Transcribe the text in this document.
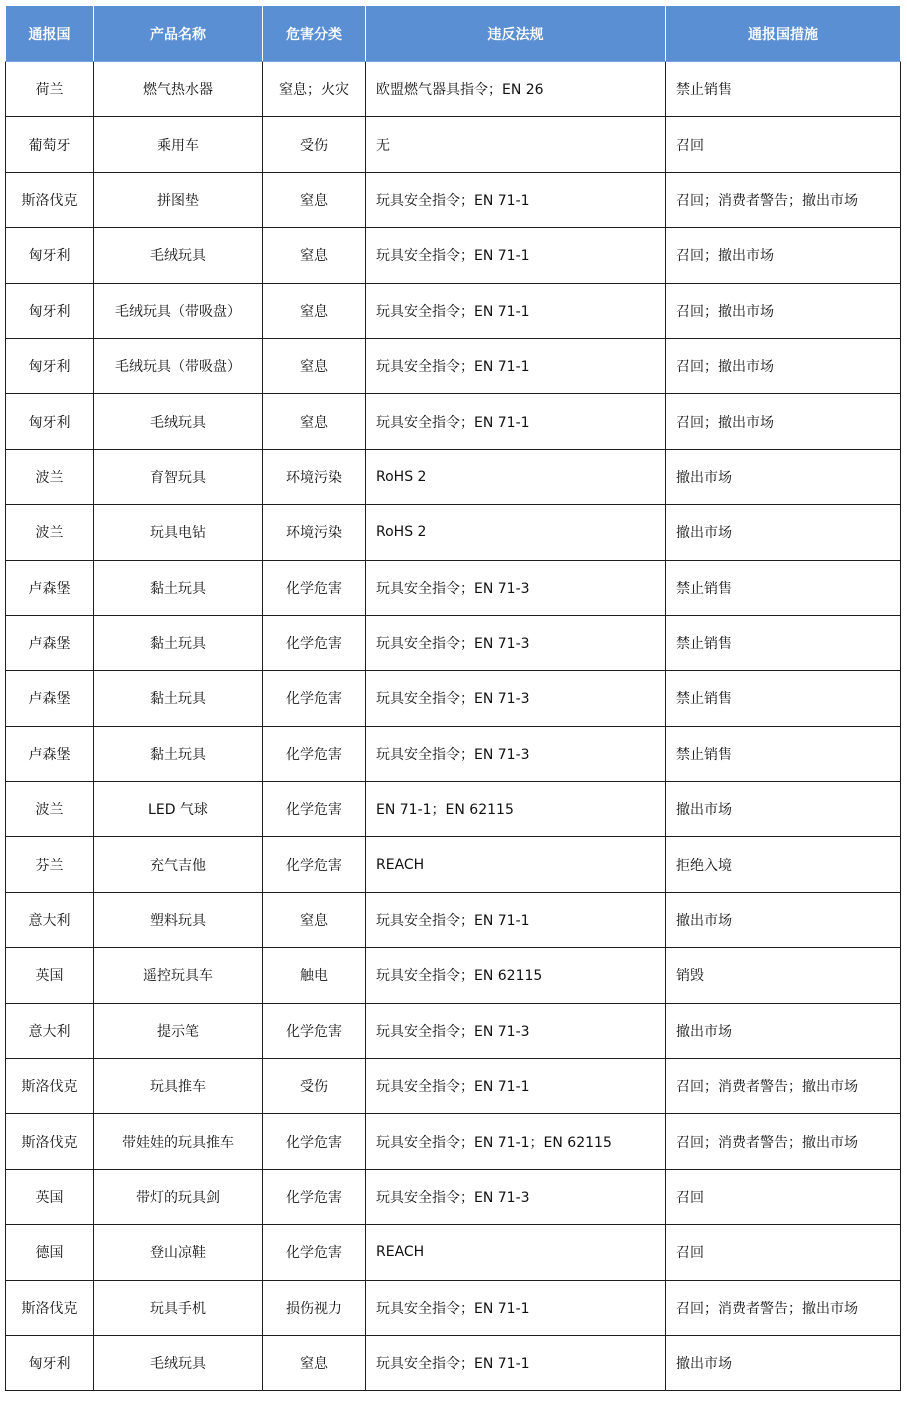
通报国	产品名称	危害分类	违反法规	通报国措施
荷兰	燃气热水器	窒息；火灾	欧盟燃气器具指令；EN 26	禁止销售
葡萄牙	乘用车	受伤	无	召回
斯洛伐克	拼图垫	窒息	玩具安全指令；EN 71-1	召回；消费者警告；撤出市场
匈牙利	毛绒玩具	窒息	玩具安全指令；EN 71-1	召回；撤出市场
匈牙利	毛绒玩具（带吸盘）	窒息	玩具安全指令；EN 71-1	召回；撤出市场
匈牙利	毛绒玩具（带吸盘）	窒息	玩具安全指令；EN 71-1	召回；撤出市场
匈牙利	毛绒玩具	窒息	玩具安全指令；EN 71-1	召回；撤出市场
波兰	育智玩具	环境污染	RoHS 2	撤出市场
波兰	玩具电钻	环境污染	RoHS 2	撤出市场
卢森堡	黏土玩具	化学危害	玩具安全指令；EN 71-3	禁止销售
卢森堡	黏土玩具	化学危害	玩具安全指令；EN 71-3	禁止销售
卢森堡	黏土玩具	化学危害	玩具安全指令；EN 71-3	禁止销售
卢森堡	黏土玩具	化学危害	玩具安全指令；EN 71-3	禁止销售
波兰	LED 气球	化学危害	EN 71-1；EN 62115	撤出市场
芬兰	充气吉他	化学危害	REACH	拒绝入境
意大利	塑料玩具	窒息	玩具安全指令；EN 71-1	撤出市场
英国	遥控玩具车	触电	玩具安全指令；EN 62115	销毁
意大利	提示笔	化学危害	玩具安全指令；EN 71-3	撤出市场
斯洛伐克	玩具推车	受伤	玩具安全指令；EN 71-1	召回；消费者警告；撤出市场
斯洛伐克	带娃娃的玩具推车	化学危害	玩具安全指令；EN 71-1；EN 62115	召回；消费者警告；撤出市场
英国	带灯的玩具剑	化学危害	玩具安全指令；EN 71-3	召回
德国	登山凉鞋	化学危害	REACH	召回
斯洛伐克	玩具手机	损伤视力	玩具安全指令；EN 71-1	召回；消费者警告；撤出市场
匈牙利	毛绒玩具	窒息	玩具安全指令；EN 71-1	撤出市场
